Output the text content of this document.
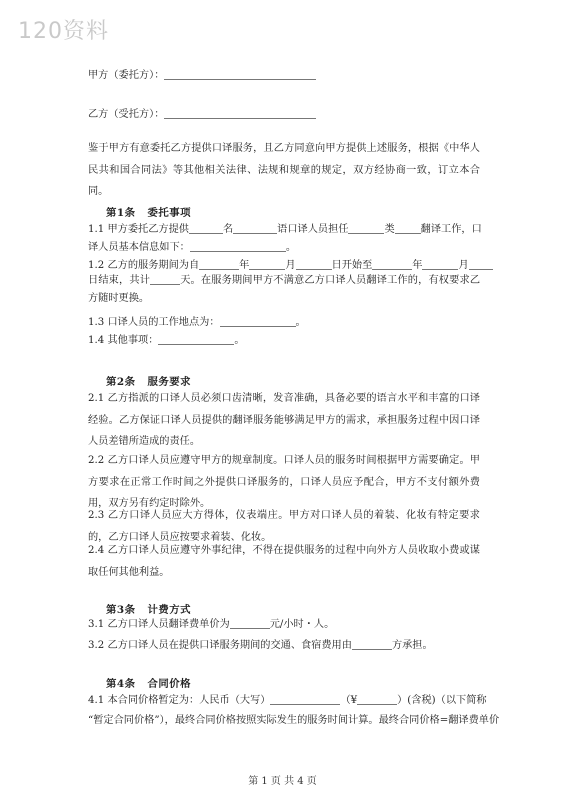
120资料
甲方（委托方）：
乙方（受托方）：
鉴于甲方有意委托乙方提供口译服务，且乙方同意向甲方提供上述服务，根据《中华人民共和国合同法》等其他相关法律、法规和规章的规定，双方经协商一致，订立本合同。
第1条 委托事项
1.1 甲方委托乙方提供	名	语口译人员担任	类	翻译工作，口
译人员基本信息如下：	。
1.2 乙方的服务期间为自	年	月	日开始至	年	月
日结束，共计	天。在服务期间甲方不满意乙方口译人员翻译工作的，有权要求乙方随时更换。
1.3 口译人员的工作地点为：	。
1.4 其他事项：	。
第2条 服务要求
2.1 乙方指派的口译人员必须口齿清晰，发音准确，具备必要的语言水平和丰富的口译经验。乙方保证口译人员提供的翻译服务能够满足甲方的需求，承担服务过程中因口译人员差错所造成的责任。
2.2 乙方口译人员应遵守甲方的规章制度。口译人员的服务时间根据甲方需要确定。甲方要求在正常工作时间之外提供口译服务的，口译人员应予配合，甲方不支付额外费用，双方另有约定时除外。
2.3 乙方口译人员应大方得体，仪表端庄。甲方对口译人员的着装、化妆有特定要求的，乙方口译人员应按要求着装、化妆。
2.4 乙方口译人员应遵守外事纪律，不得在提供服务的过程中向外方人员收取小费或谋取任何其他利益。
第3条 计费方式
3.1 乙方口译人员翻译费单价为	元/小时・人。
3.2 乙方口译人员在提供口译服务期间的交通、食宿费用由	方承担。
第4条 合同价格
4.1 本合同价格暂定为：人民币（大写）	（¥	）(含税)（以下简称
“暂定合同价格”），最终合同价格按照实际发生的服务时间计算。最终合同价格=翻译费单价
第 1 页 共 4 页
